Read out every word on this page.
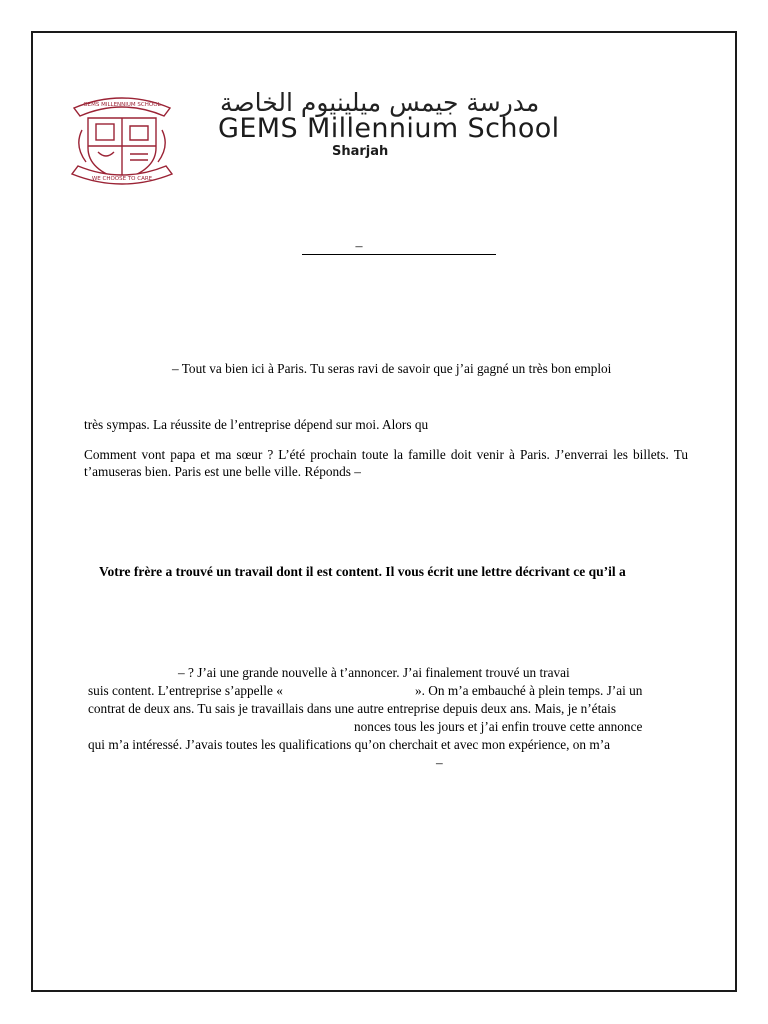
GEMS MILLENNIUM SCHOOL
WE CHOOSE TO CARE
مدرسة جيمس ميلينيوم الخاصة
GEMS Millennium School
Sharjah
–
– Tout va bien ici à Paris. Tu seras ravi de savoir que j’ai gagné un très bon emploi
très sympas. La réussite de l’entreprise dépend sur moi. Alors qu
Comment vont papa et ma sœur ? L’été prochain toute la famille doit venir à Paris. J’enverrai les billets. Tu t’amuseras bien. Paris est une belle ville. Réponds –
Votre frère a trouvé un travail dont il est content. Il vous écrit une lettre décrivant ce qu’il a
– ? J’ai une grande nouvelle à t’annoncer. J’ai finalement trouvé un travai
suis content. L’entreprise s’appelle «	». On m’a embauché à plein temps. J’ai un
contrat de deux ans. Tu sais je travaillais dans une autre entreprise depuis deux ans. Mais, je n’étais
nonces tous les jours et j’ai enfin trouve cette annonce
qui m’a intéressé. J’avais toutes les qualifications qu’on cherchait et avec mon expérience, on m’a
–
